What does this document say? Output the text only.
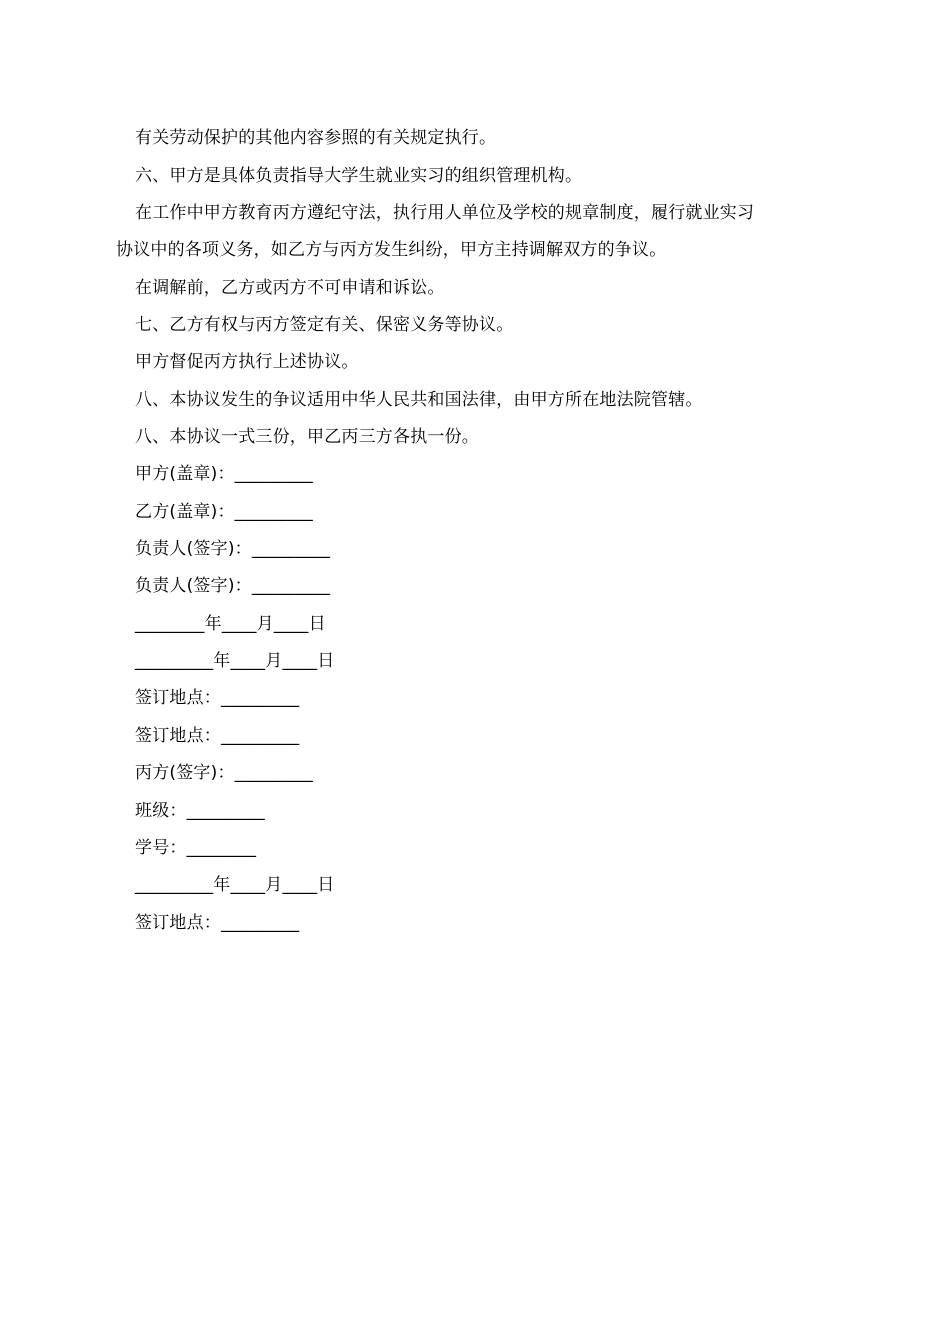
有关劳动保护的其他内容参照的有关规定执行。
六、甲方是具体负责指导大学生就业实习的组织管理机构。
在工作中甲方教育丙方遵纪守法，执行用人单位及学校的规章制度，履行就业实习
协议中的各项义务，如乙方与丙方发生纠纷，甲方主持调解双方的争议。
在调解前，乙方或丙方不可申请和诉讼。
七、乙方有权与丙方签定有关、保密义务等协议。
甲方督促丙方执行上述协议。
八、本协议发生的争议适用中华人民共和国法律，由甲方所在地法院管辖。
八、本协议一式三份，甲乙丙三方各执一份。
甲方(盖章)：_________
乙方(盖章)：_________
负责人(签字)：_________
负责人(签字)：_________
________年____月____日
_________年____月____日
签订地点：_________
签订地点：_________
丙方(签字)：_________
班级：_________
学号：________
_________年____月____日
签订地点：_________
